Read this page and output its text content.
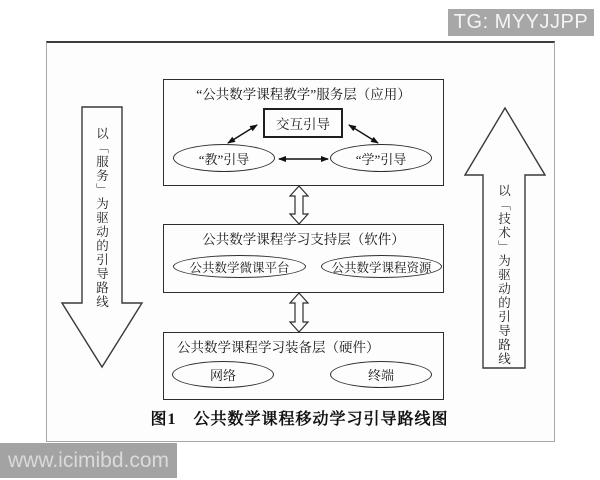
TG: MYYJJPP
以「服务」为驱动的引导路线	以「技术」为驱动的引导路线
“公共数学课程教学”服务层（应用）
交互引导
“教”引导	“学”引导
公共数学课程学习支持层（软件）
公共数学微课平台	公共数学课程资源
公共数学课程学习装备层（硬件）
网络	终端
图1　公共数学课程移动学习引导路线图
www.icimibd.com
